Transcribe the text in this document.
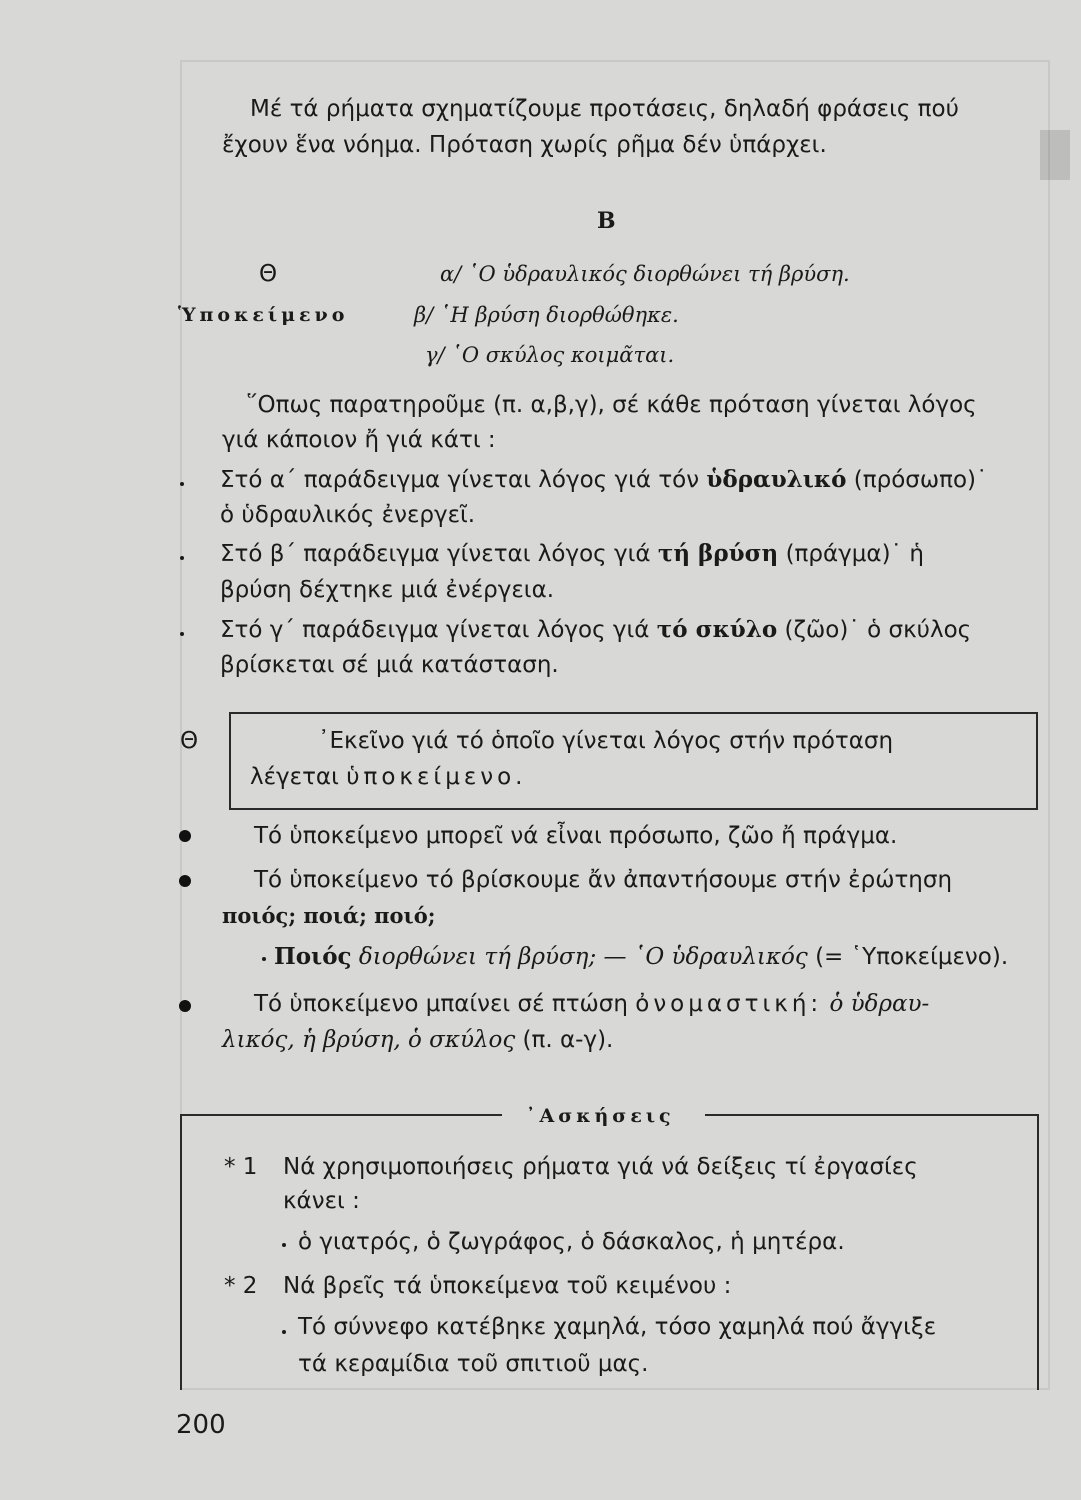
Μέ τά ρήματα σχηματίζουμε προτάσεις, δηλαδή φράσεις πού
ἔχουν ἕνα νόημα. Πρόταση χωρίς ρῆμα δέν ὑπάρχει.
Β
Θ
Ὑποκείμενο
α/ ῾Ο ὑδραυλικός διορθώνει τή βρύση.
β/ ῾Η βρύση διορθώθηκε.
γ/ ῾Ο σκύλος κοιμᾶται.
῞Οπως παρατηροῦμε (π. α,β,γ), σέ κάθε πρόταση γίνεται λόγος
γιά κάποιον ἤ γιά κάτι :
Στό α΄ παράδειγμα γίνεται λόγος γιά τόν ὑδραυλικό (πρόσωπο)˙
ὁ ὑδραυλικός ἐνεργεῖ.
Στό β΄ παράδειγμα γίνεται λόγος γιά τή βρύση (πράγμα)˙ ἡ
βρύση δέχτηκε μιά ἐνέργεια.
Στό γ΄ παράδειγμα γίνεται λόγος γιά τό σκύλο (ζῶο)˙ ὁ σκύλος
βρίσκεται σέ μιά κατάσταση.
Θ	᾿Εκεῖνο γιά τό ὁποῖο γίνεται λόγος στήν πρόταση
λέγεται ὑποκείμενο.
Τό ὑποκείμενο μπορεῖ νά εἶναι πρόσωπο, ζῶο ἤ πράγμα.
Τό ὑποκείμενο τό βρίσκουμε ἄν ἀπαντήσουμε στήν ἐρώτηση
ποιός; ποιά; ποιό;
Ποιός διορθώνει τή βρύση; — ῾Ο ὑδραυλικός (= ῾Υποκείμενο).
Τό ὑποκείμενο μπαίνει σέ πτώση ὀνομαστική: ὁ ὑδραυ-
λικός, ἡ βρύση, ὁ σκύλος (π. α-γ).
᾿Ασκήσεις
* 1 Νά χρησιμοποιήσεις ρήματα γιά νά δείξεις τί ἐργασίες
κάνει :
ὁ γιατρός, ὁ ζωγράφος, ὁ δάσκαλος, ἡ μητέρα.
* 2 Νά βρεῖς τά ὑποκείμενα τοῦ κειμένου :
Τό σύννεφο κατέβηκε χαμηλά, τόσο χαμηλά πού ἄγγιξε
τά κεραμίδια τοῦ σπιτιοῦ μας.
200
